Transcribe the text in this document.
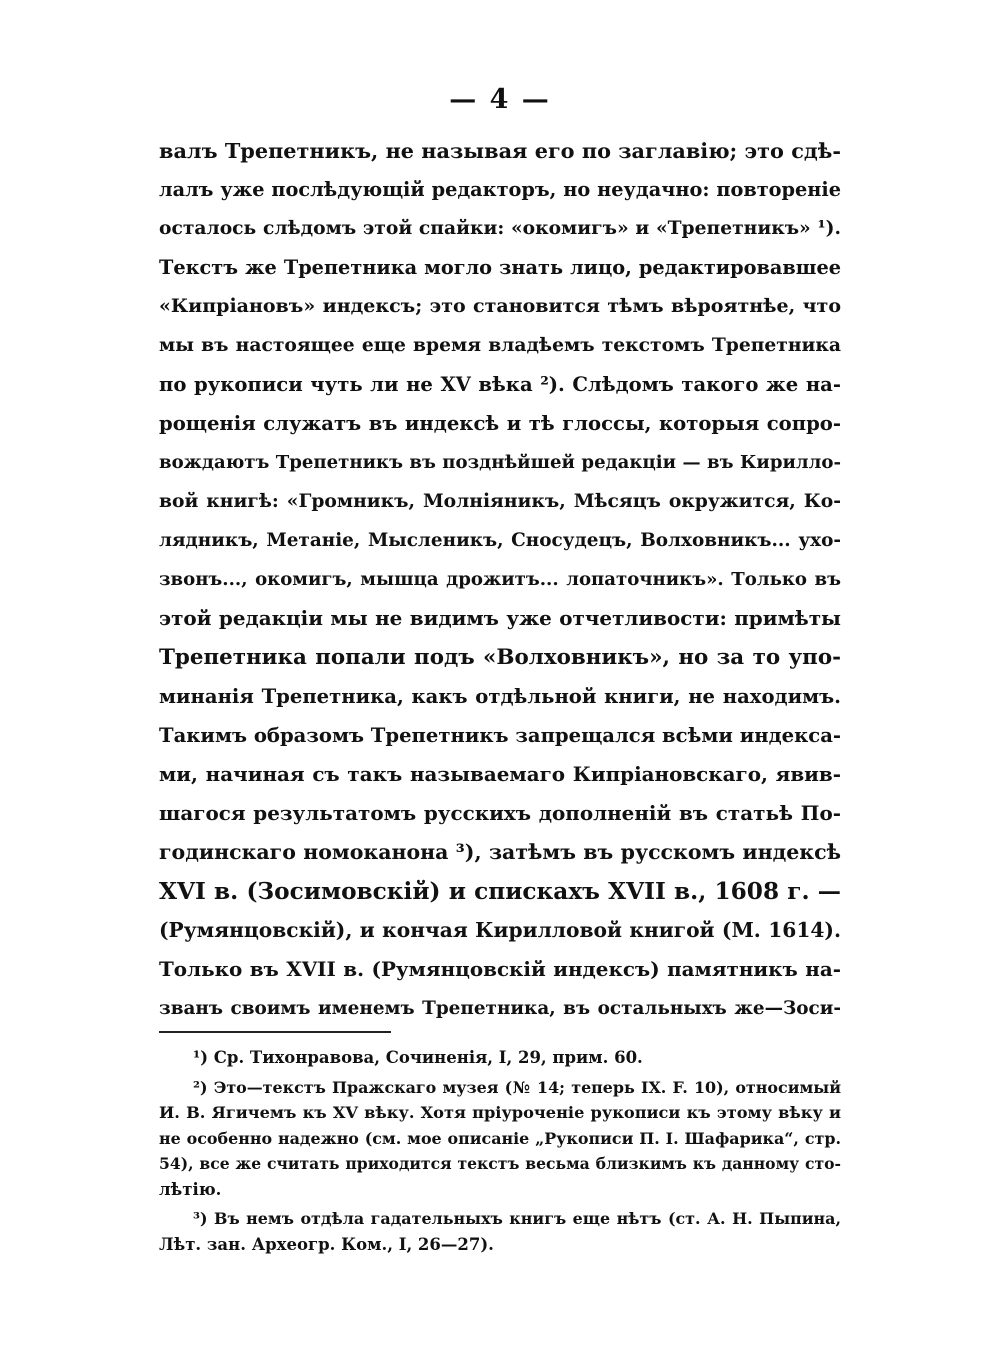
— 4 —
валъ Трепетникъ, не называя его по заглавію; это сдѣ-
лалъ уже послѣдующій редакторъ, но неудачно: повтореніе
осталось слѣдомъ этой спайки: «окомигъ» и «Трепетникъ» ¹).
Текстъ же Трепетника могло знать лицо, редактировавшее
«Кипріановъ» индексъ; это становится тѣмъ вѣроятнѣе, что
мы въ настоящее еще время владѣемъ текстомъ Трепетника
по рукописи чуть ли не XV вѣка ²). Слѣдомъ такого же на-
рощенія служатъ въ индексѣ и тѣ глоссы, которыя сопро-
вождаютъ Трепетникъ въ позднѣйшей редакціи — въ Кирилло-
вой книгѣ: «Громникъ, Молніяникъ, Мѣсяцъ окружится, Ко-
лядникъ, Метаніе, Мысленикъ, Сносудецъ, Волховникъ... ухо-
звонъ..., окомигъ, мышца дрожитъ... лопаточникъ». Только въ
этой редакціи мы не видимъ уже отчетливости: примѣты
Трепетника попали подъ «Волховникъ», но за то упо-
минанія Трепетника, какъ отдѣльной книги, не находимъ.
Такимъ образомъ Трепетникъ запрещался всѣми индекса-
ми, начиная съ такъ называемаго Кипріановскаго, явив-
шагося результатомъ русскихъ дополненій въ статьѣ По-
годинскаго номоканона ³), затѣмъ въ русскомъ индексѣ
XVI в. (Зосимовскій) и спискахъ XVII в., 1608 г. —
(Румянцовскій), и кончая Кирилловой книгой (М. 1614).
Только въ XVII в. (Румянцовскій индексъ) памятникъ на-
званъ своимъ именемъ Трепетника, въ остальныхъ же—Зоси-
¹) Ср. Тихонравова, Сочиненія, I, 29, прим. 60.
²) Это—текстъ Пражскаго музея (№ 14; теперь IX. F. 10), относимый
И. В. Ягичемъ къ XV вѣку. Хотя пріуроченіе рукописи къ этому вѣку и
не особенно надежно (см. мое описаніе „Рукописи П. I. Шафарика“, стр.
54), все же считать приходится текстъ весьма близкимъ къ данному сто-
лѣтію.
³) Въ немъ отдѣла гадательныхъ книгъ еще нѣтъ (ст. А. Н. Пыпина,
Лѣт. зан. Археогр. Ком., I, 26—27).
